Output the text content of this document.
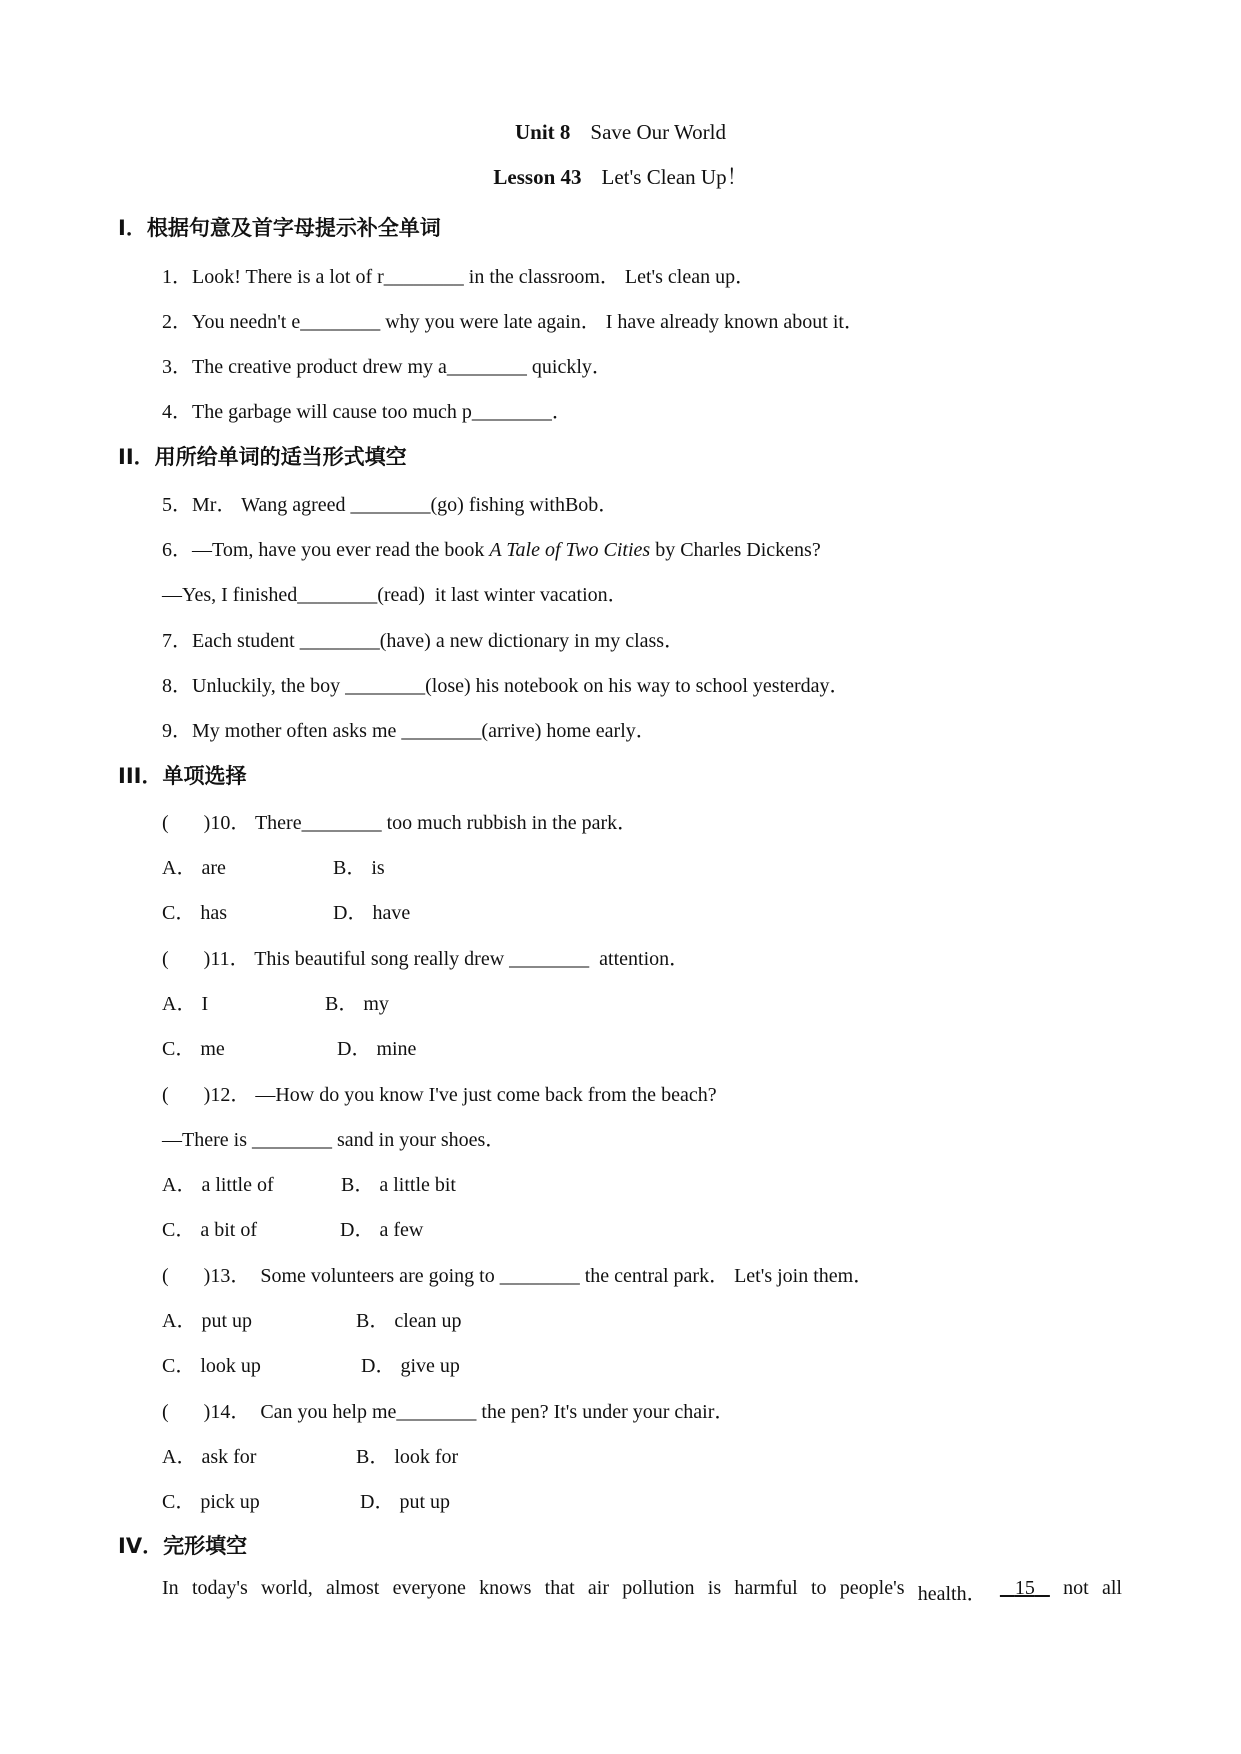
Unit 8 Save Our World
Lesson 43 Let's Clean Up！
I．根据句意及首字母提示补全单词
1．Look! There is a lot of r________ in the classroom． Let's clean up．
2．You needn't e________ why you were late again． I have already known about it．
3．The creative product drew my a________ quickly．
4．The garbage will cause too much p________．
II．用所给单词的适当形式填空
5．Mr． Wang agreed ________(go) fishing withBob．
6．—Tom, have you ever read the book A Tale of Two Cities by Charles Dickens?
—Yes, I finished________(read)  it last winter vacation．
7．Each student ________(have) a new dictionary in my class．
8．Unluckily, the boy ________(lose) his notebook on his way to school yesterday．
9．My mother often asks me ________(arrive) home early．
III．单项选择
(       )10． There________ too much rubbish in the park．
A． are	B． is
C． has	D． have
(       )11． This beautiful song really drew ________  attention．
A． I	B． my
C． me	D． mine
(       )12． —How do you know I've just come back from the beach?
—There is ________ sand in your shoes．
A． a little of	B． a little bit
C． a bit of	D． a few
(       )13．  Some volunteers are going to ________ the central park． Let's join them．
A． put up	B． clean up
C． look up	D． give up
(       )14．  Can you help me________ the pen? It's under your chair．
A． ask for	B． look for
C． pick up	D． put up
IV．完形填空
In today's world, almost everyone knows that air pollution is harmful to people's health．	15	not all
